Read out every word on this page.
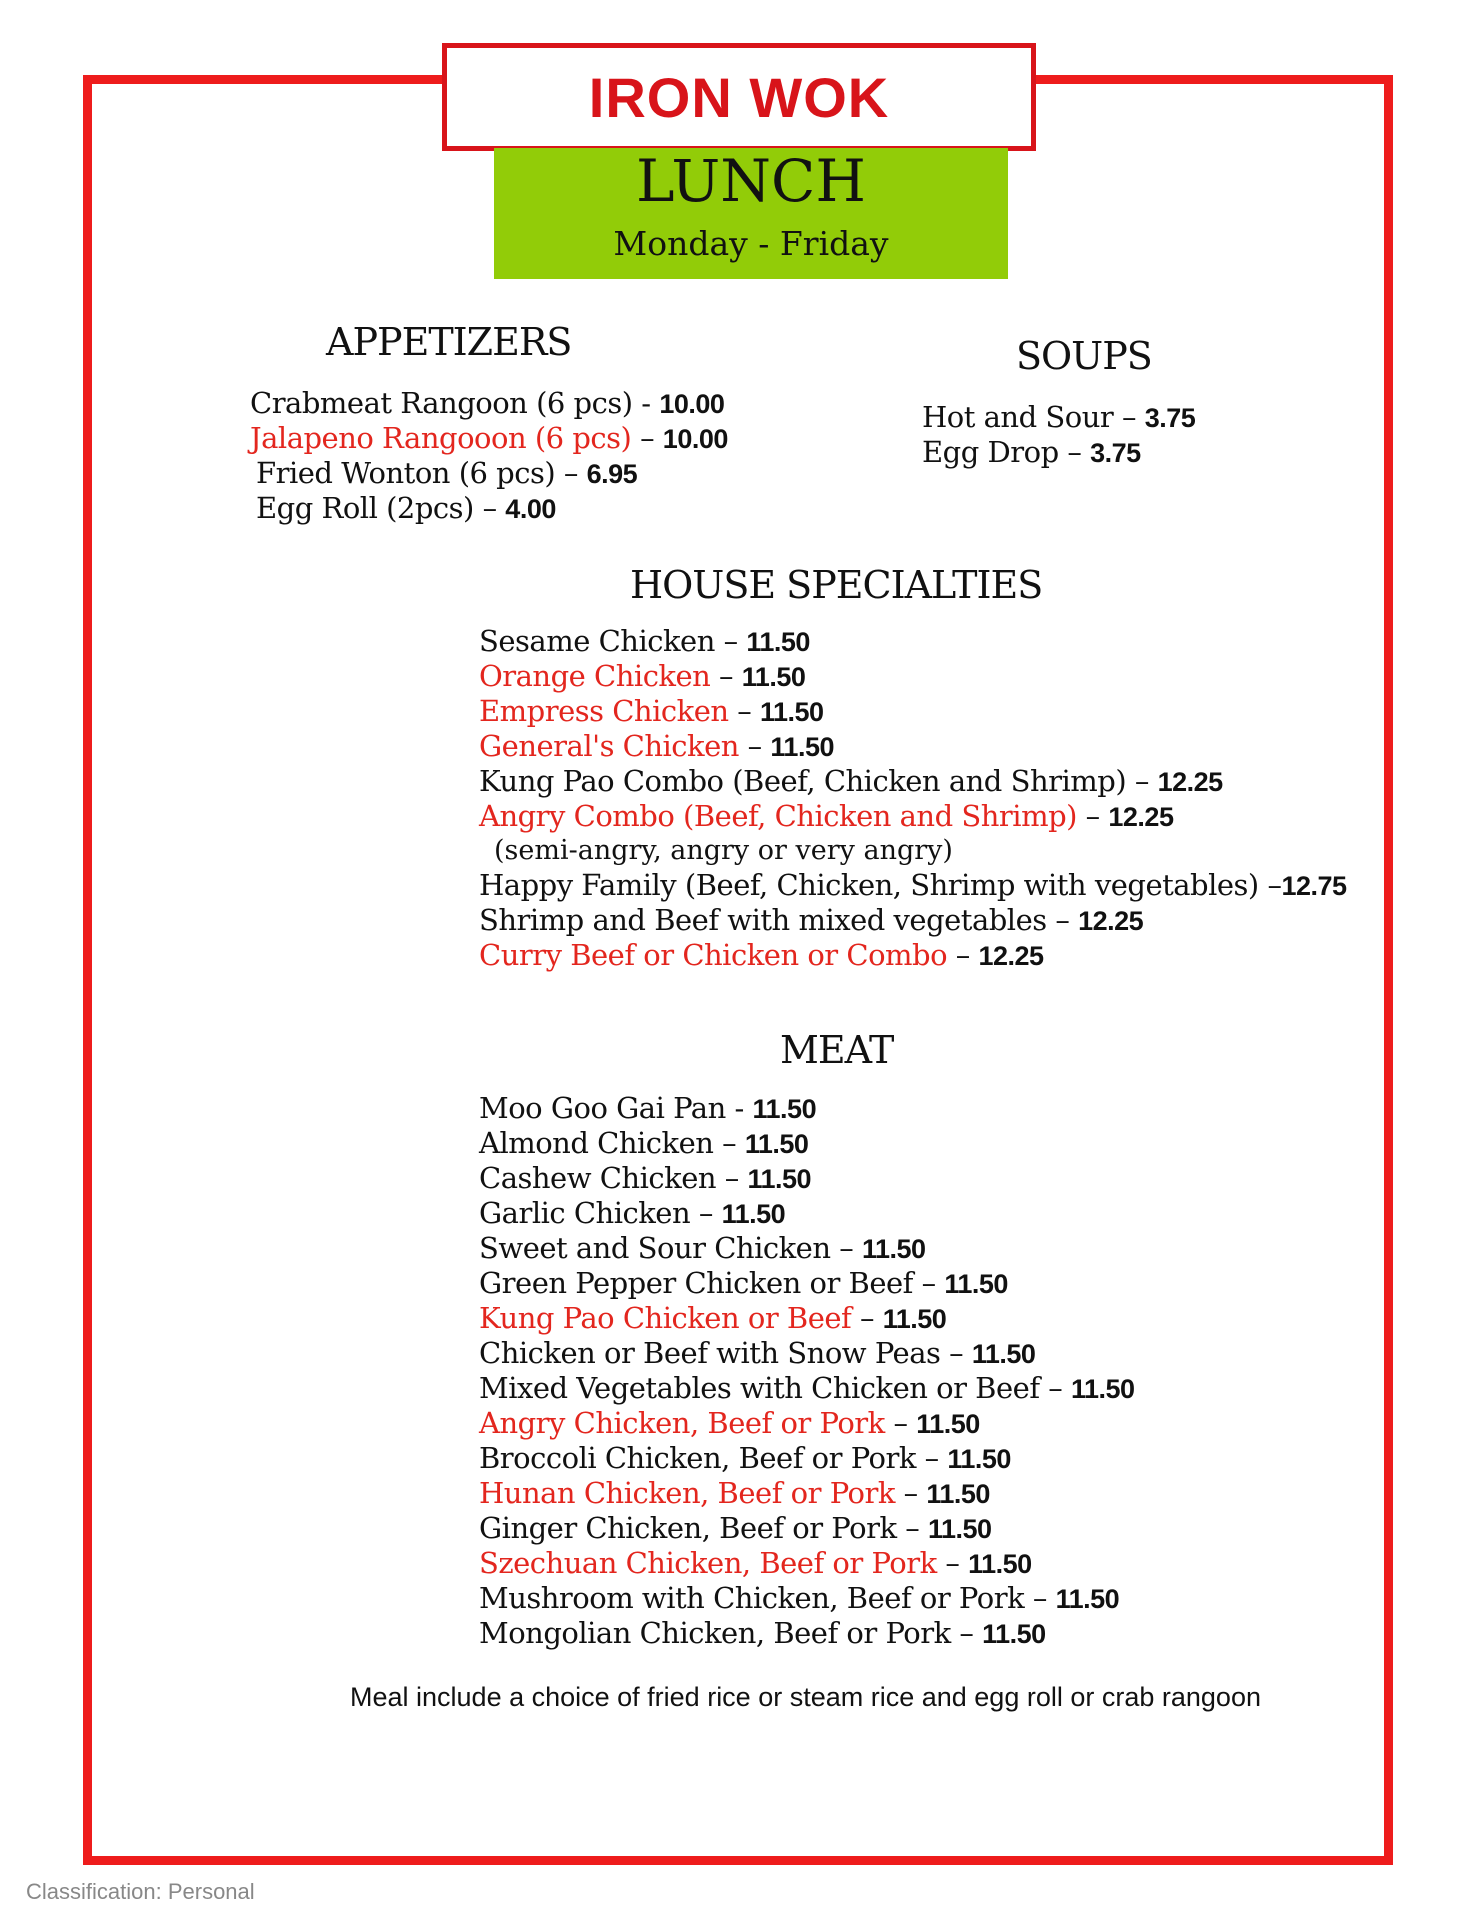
IRON WOK
LUNCH
Monday - Friday
APPETIZERS
Crabmeat Rangoon (6 pcs) - 10.00
Jalapeno Rangooon (6 pcs) – 10.00
Fried Wonton (6 pcs) – 6.95
Egg Roll (2pcs) – 4.00
SOUPS
Hot and Sour – 3.75
Egg Drop – 3.75
HOUSE SPECIALTIES
Sesame Chicken – 11.50
Orange Chicken – 11.50
Empress Chicken – 11.50
General's Chicken – 11.50
Kung Pao Combo (Beef, Chicken and Shrimp) – 12.25
Angry Combo (Beef, Chicken and Shrimp) – 12.25
(semi-angry, angry or very angry)
Happy Family (Beef, Chicken, Shrimp with vegetables) –12.75
Shrimp and Beef with mixed vegetables – 12.25
Curry Beef or Chicken or Combo – 12.25
MEAT
Moo Goo Gai Pan - 11.50
Almond Chicken – 11.50
Cashew Chicken – 11.50
Garlic Chicken – 11.50
Sweet and Sour Chicken – 11.50
Green Pepper Chicken or Beef – 11.50
Kung Pao Chicken or Beef – 11.50
Chicken or Beef with Snow Peas – 11.50
Mixed Vegetables with Chicken or Beef – 11.50
Angry Chicken, Beef or Pork – 11.50
Broccoli Chicken, Beef or Pork – 11.50
Hunan Chicken, Beef or Pork – 11.50
Ginger Chicken, Beef or Pork – 11.50
Szechuan Chicken, Beef or Pork – 11.50
Mushroom with Chicken, Beef or Pork – 11.50
Mongolian Chicken, Beef or Pork – 11.50
Meal include a choice of fried rice or steam rice and egg roll or crab rangoon
Classification: Personal
